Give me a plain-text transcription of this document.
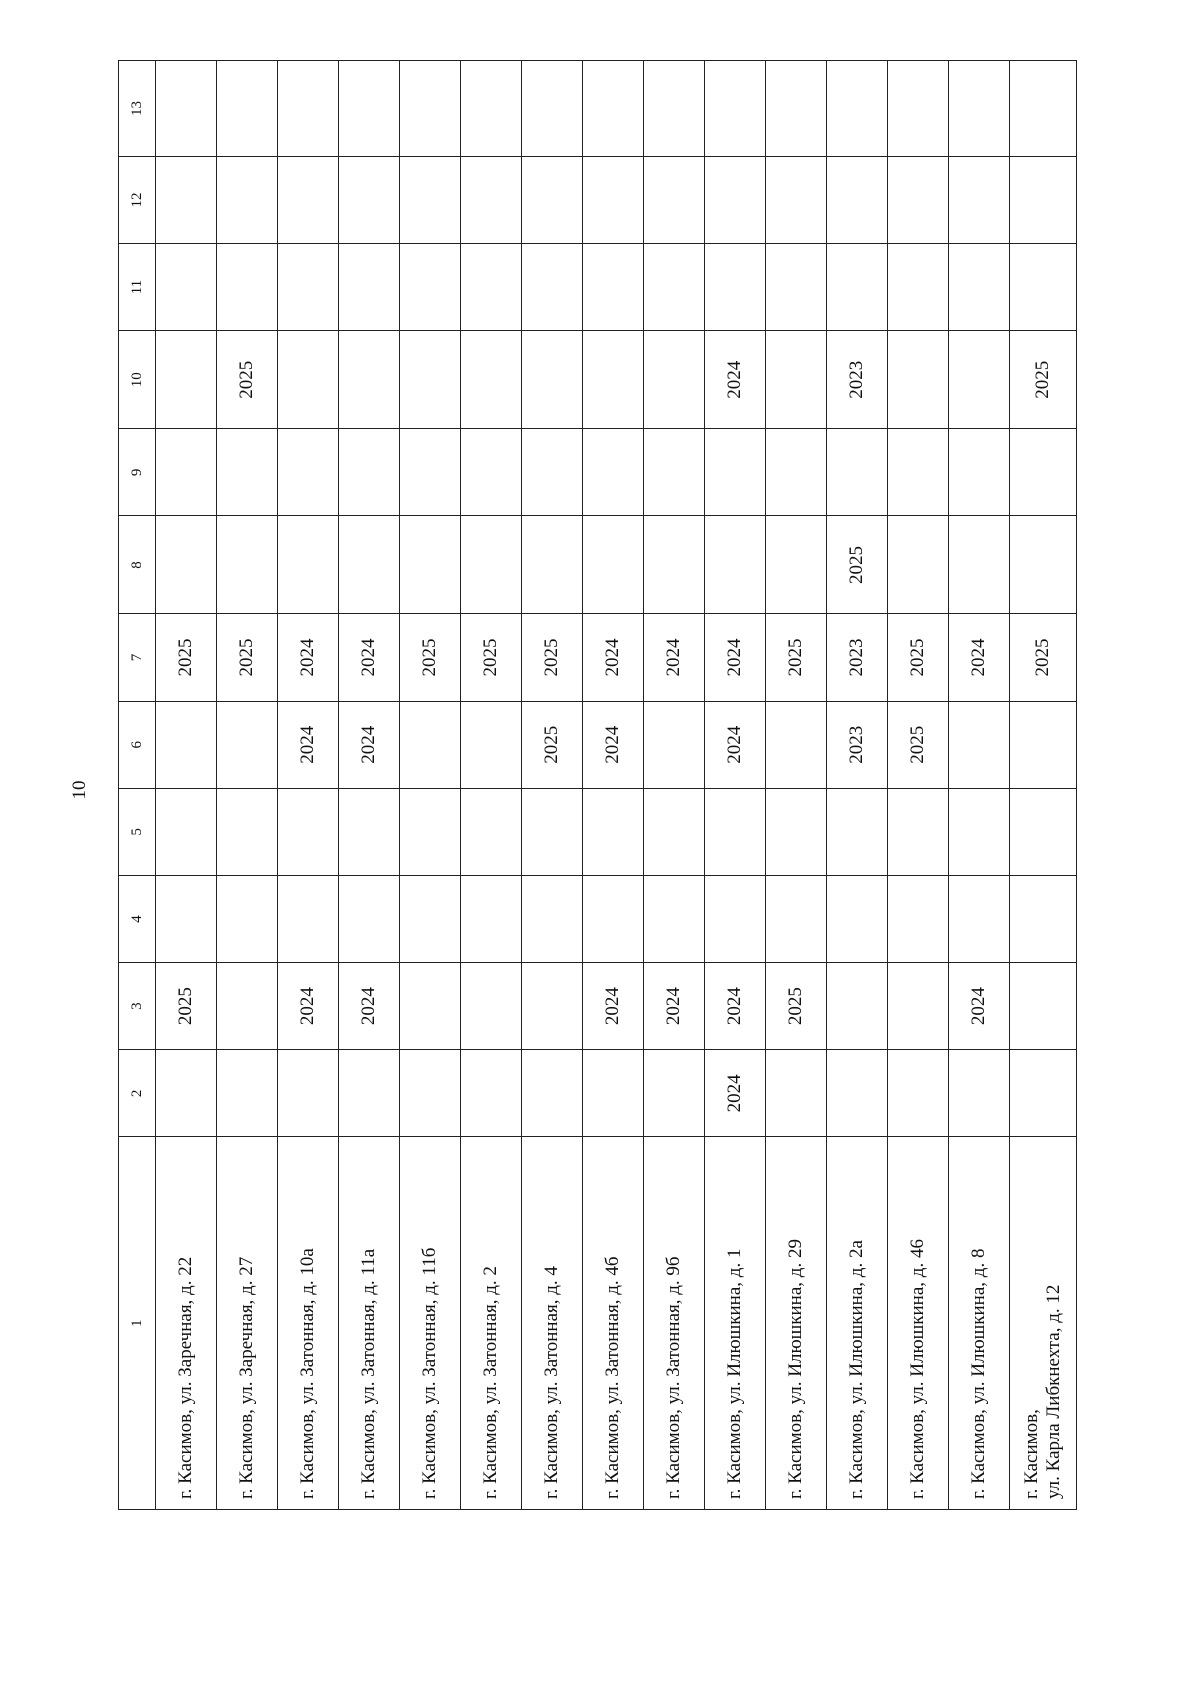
10
1	2	3	4	5	6	7	8	9	10	11	12	13

г. Касимов, ул. Заречная, д. 22		2025				2025						

г. Касимов, ул. Заречная, д. 27						2025			2025			

г. Касимов, ул. Затонная, д. 10а		2024			2024	2024						

г. Касимов, ул. Затонная, д. 11а		2024			2024	2024						

г. Касимов, ул. Затонная, д. 11б						2025						

г. Касимов, ул. Затонная, д. 2						2025						

г. Касимов, ул. Затонная, д. 4					2025	2025						

г. Касимов, ул. Затонная, д. 4б		2024			2024	2024						

г. Касимов, ул. Затонная, д. 9б		2024				2024						

г. Касимов, ул. Илюшкина, д. 1	2024	2024			2024	2024			2024			

г. Касимов, ул. Илюшкина, д. 29		2025				2025						

г. Касимов, ул. Илюшкина, д. 2а					2023	2023	2025		2023			

г. Касимов, ул. Илюшкина, д. 46					2025	2025						

г. Касимов, ул. Илюшкина, д. 8		2024				2024						

г. Касимов, ул. Карла Либкнехта, д. 12						2025			2025			
